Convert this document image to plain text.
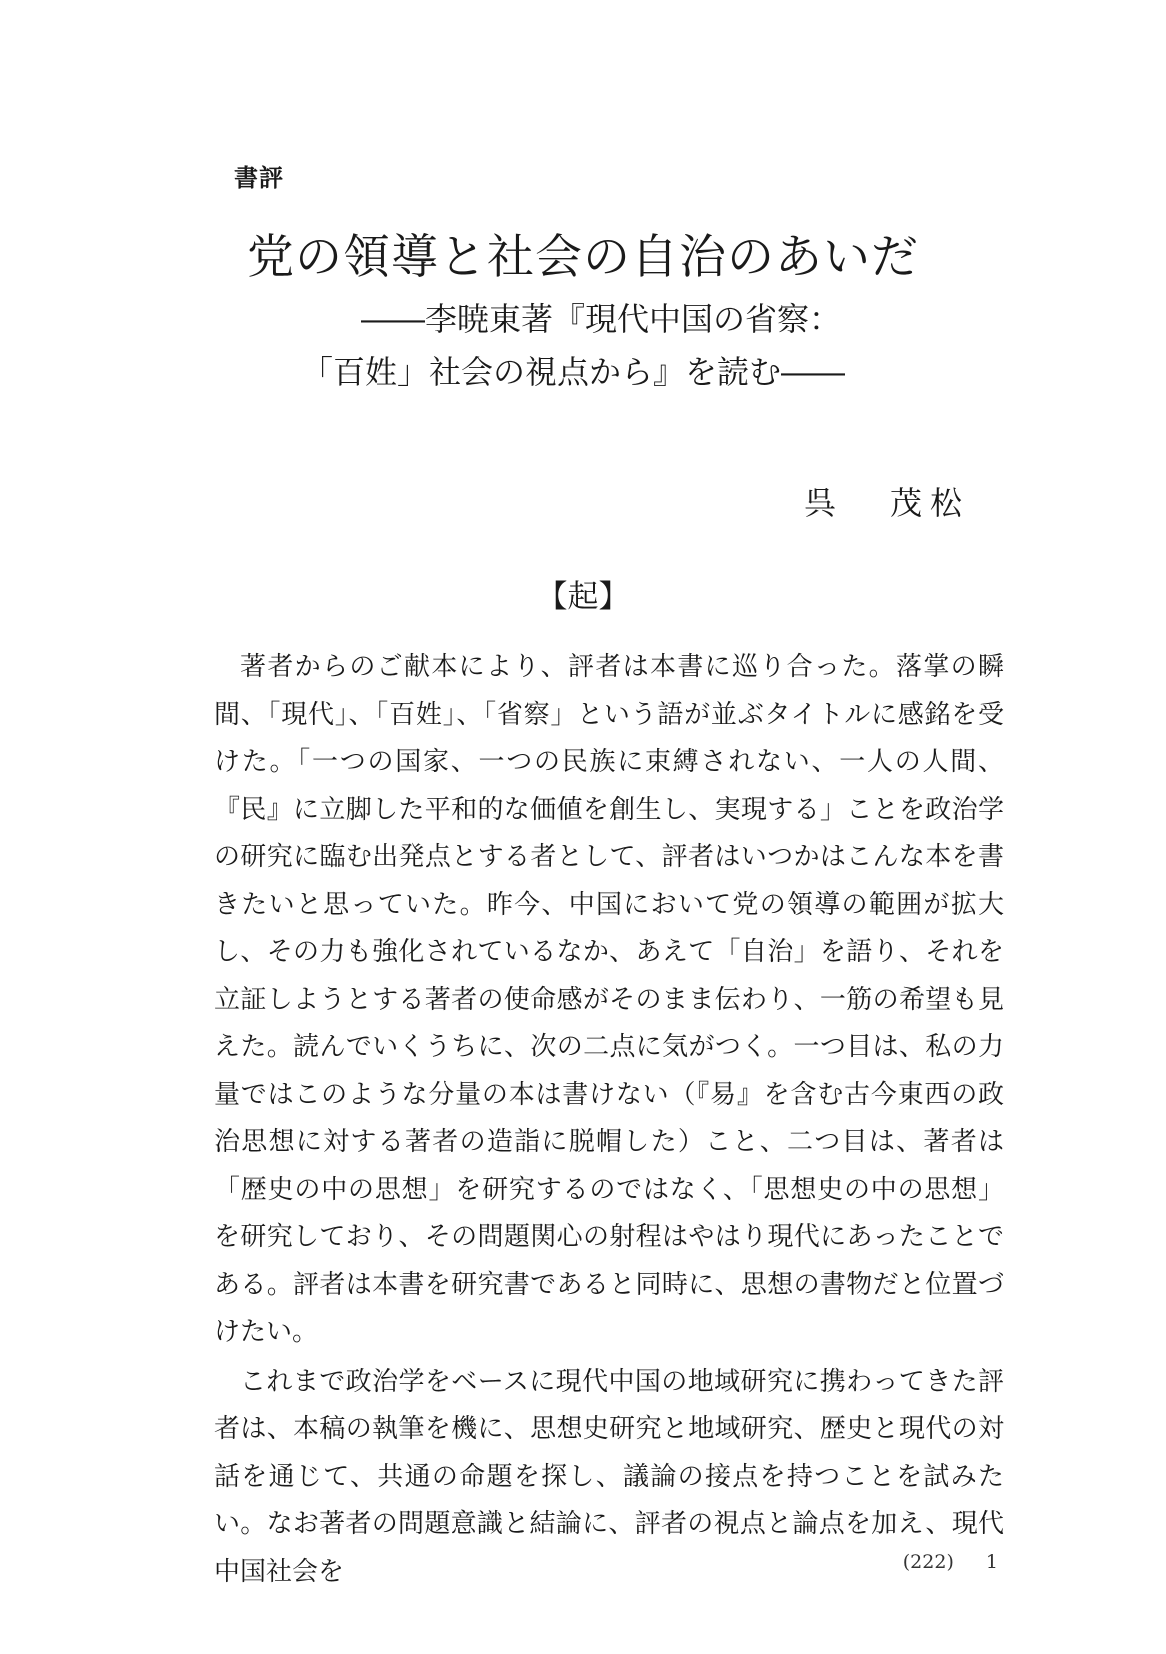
書評
党の領導と社会の自治のあいだ
――李暁東著『現代中国の省察：
「百姓」社会の視点から』を読む――
呉 茂松
【起】

著者からのご献本により、評者は本書に巡り合った。落掌の瞬間、「現代」、「百姓」、「省察」という語が並ぶタイトルに感銘を受けた。「一つの国家、一つの民族に束縛されない、一人の人間、『民』に立脚した平和的な価値を創生し、実現する」ことを政治学の研究に臨む出発点とする者として、評者はいつかはこんな本を書きたいと思っていた。昨今、中国において党の領導の範囲が拡大し、その力も強化されているなか、あえて「自治」を語り、それを立証しようとする著者の使命感がそのまま伝わり、一筋の希望も見えた。読んでいくうちに、次の二点に気がつく。一つ目は、私の力量ではこのような分量の本は書けない（『易』を含む古今東西の政治思想に対する著者の造詣に脱帽した）こと、二つ目は、著者は「歴史の中の思想」を研究するのではなく、「思想史の中の思想」を研究しており、その問題関心の射程はやはり現代にあったことである。評者は本書を研究書であると同時に、思想の書物だと位置づけたい。

これまで政治学をベースに現代中国の地域研究に携わってきた評者は、本稿の執筆を機に、思想史研究と地域研究、歴史と現代の対話を通じて、共通の命題を探し、議論の接点を持つことを試みたい。なお著者の問題意識と結論に、評者の視点と論点を加え、現代中国社会を	(222) 1
